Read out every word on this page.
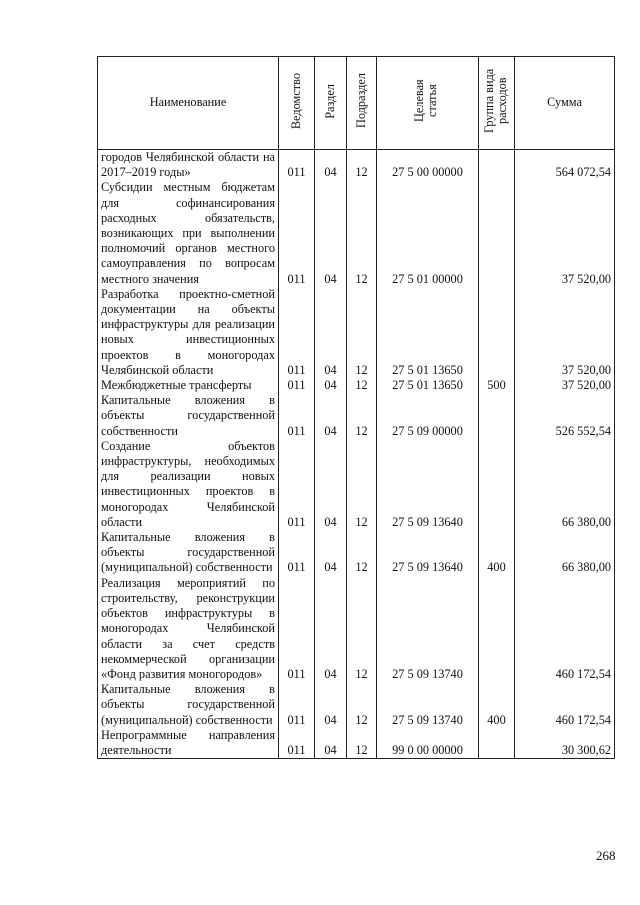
Наименование	Ведомство	Раздел	Подраздел	Целевая статья	Группа вида расходов	Сумма
городов Челябинской области на 2017–2019 годы»	011	04	12	27 5 00 00000		564 072,54
Субсидии местным бюджетам для софинансирования расходных обязательств, возникающих при выполнении полномочий органов местного самоуправления по вопросам местного значения	011	04	12	27 5 01 00000		37 520,00
Разработка проектно-сметной документации на объекты инфраструктуры для реализации новых инвестиционных проектов в моногородах Челябинской области	011	04	12	27 5 01 13650		37 520,00
Межбюджетные трансферты	011	04	12	27 5 01 13650	500	37 520,00
Капитальные вложения в объекты государственной собственности	011	04	12	27 5 09 00000		526 552,54
Создание объектов инфраструктуры, необходимых для реализации новых инвестиционных проектов в моногородах Челябинской области	011	04	12	27 5 09 13640		66 380,00
Капитальные вложения в объекты государственной (муниципальной) собственности	011	04	12	27 5 09 13640	400	66 380,00
Реализация мероприятий по строительству, реконструкции объектов инфраструктуры в моногородах Челябинской области за счет средств некоммерческой организации «Фонд развития моногородов»	011	04	12	27 5 09 13740		460 172,54
Капитальные вложения в объекты государственной (муниципальной) собственности	011	04	12	27 5 09 13740	400	460 172,54
Непрограммные направления деятельности	011	04	12	99 0 00 00000		30 300,62
268
